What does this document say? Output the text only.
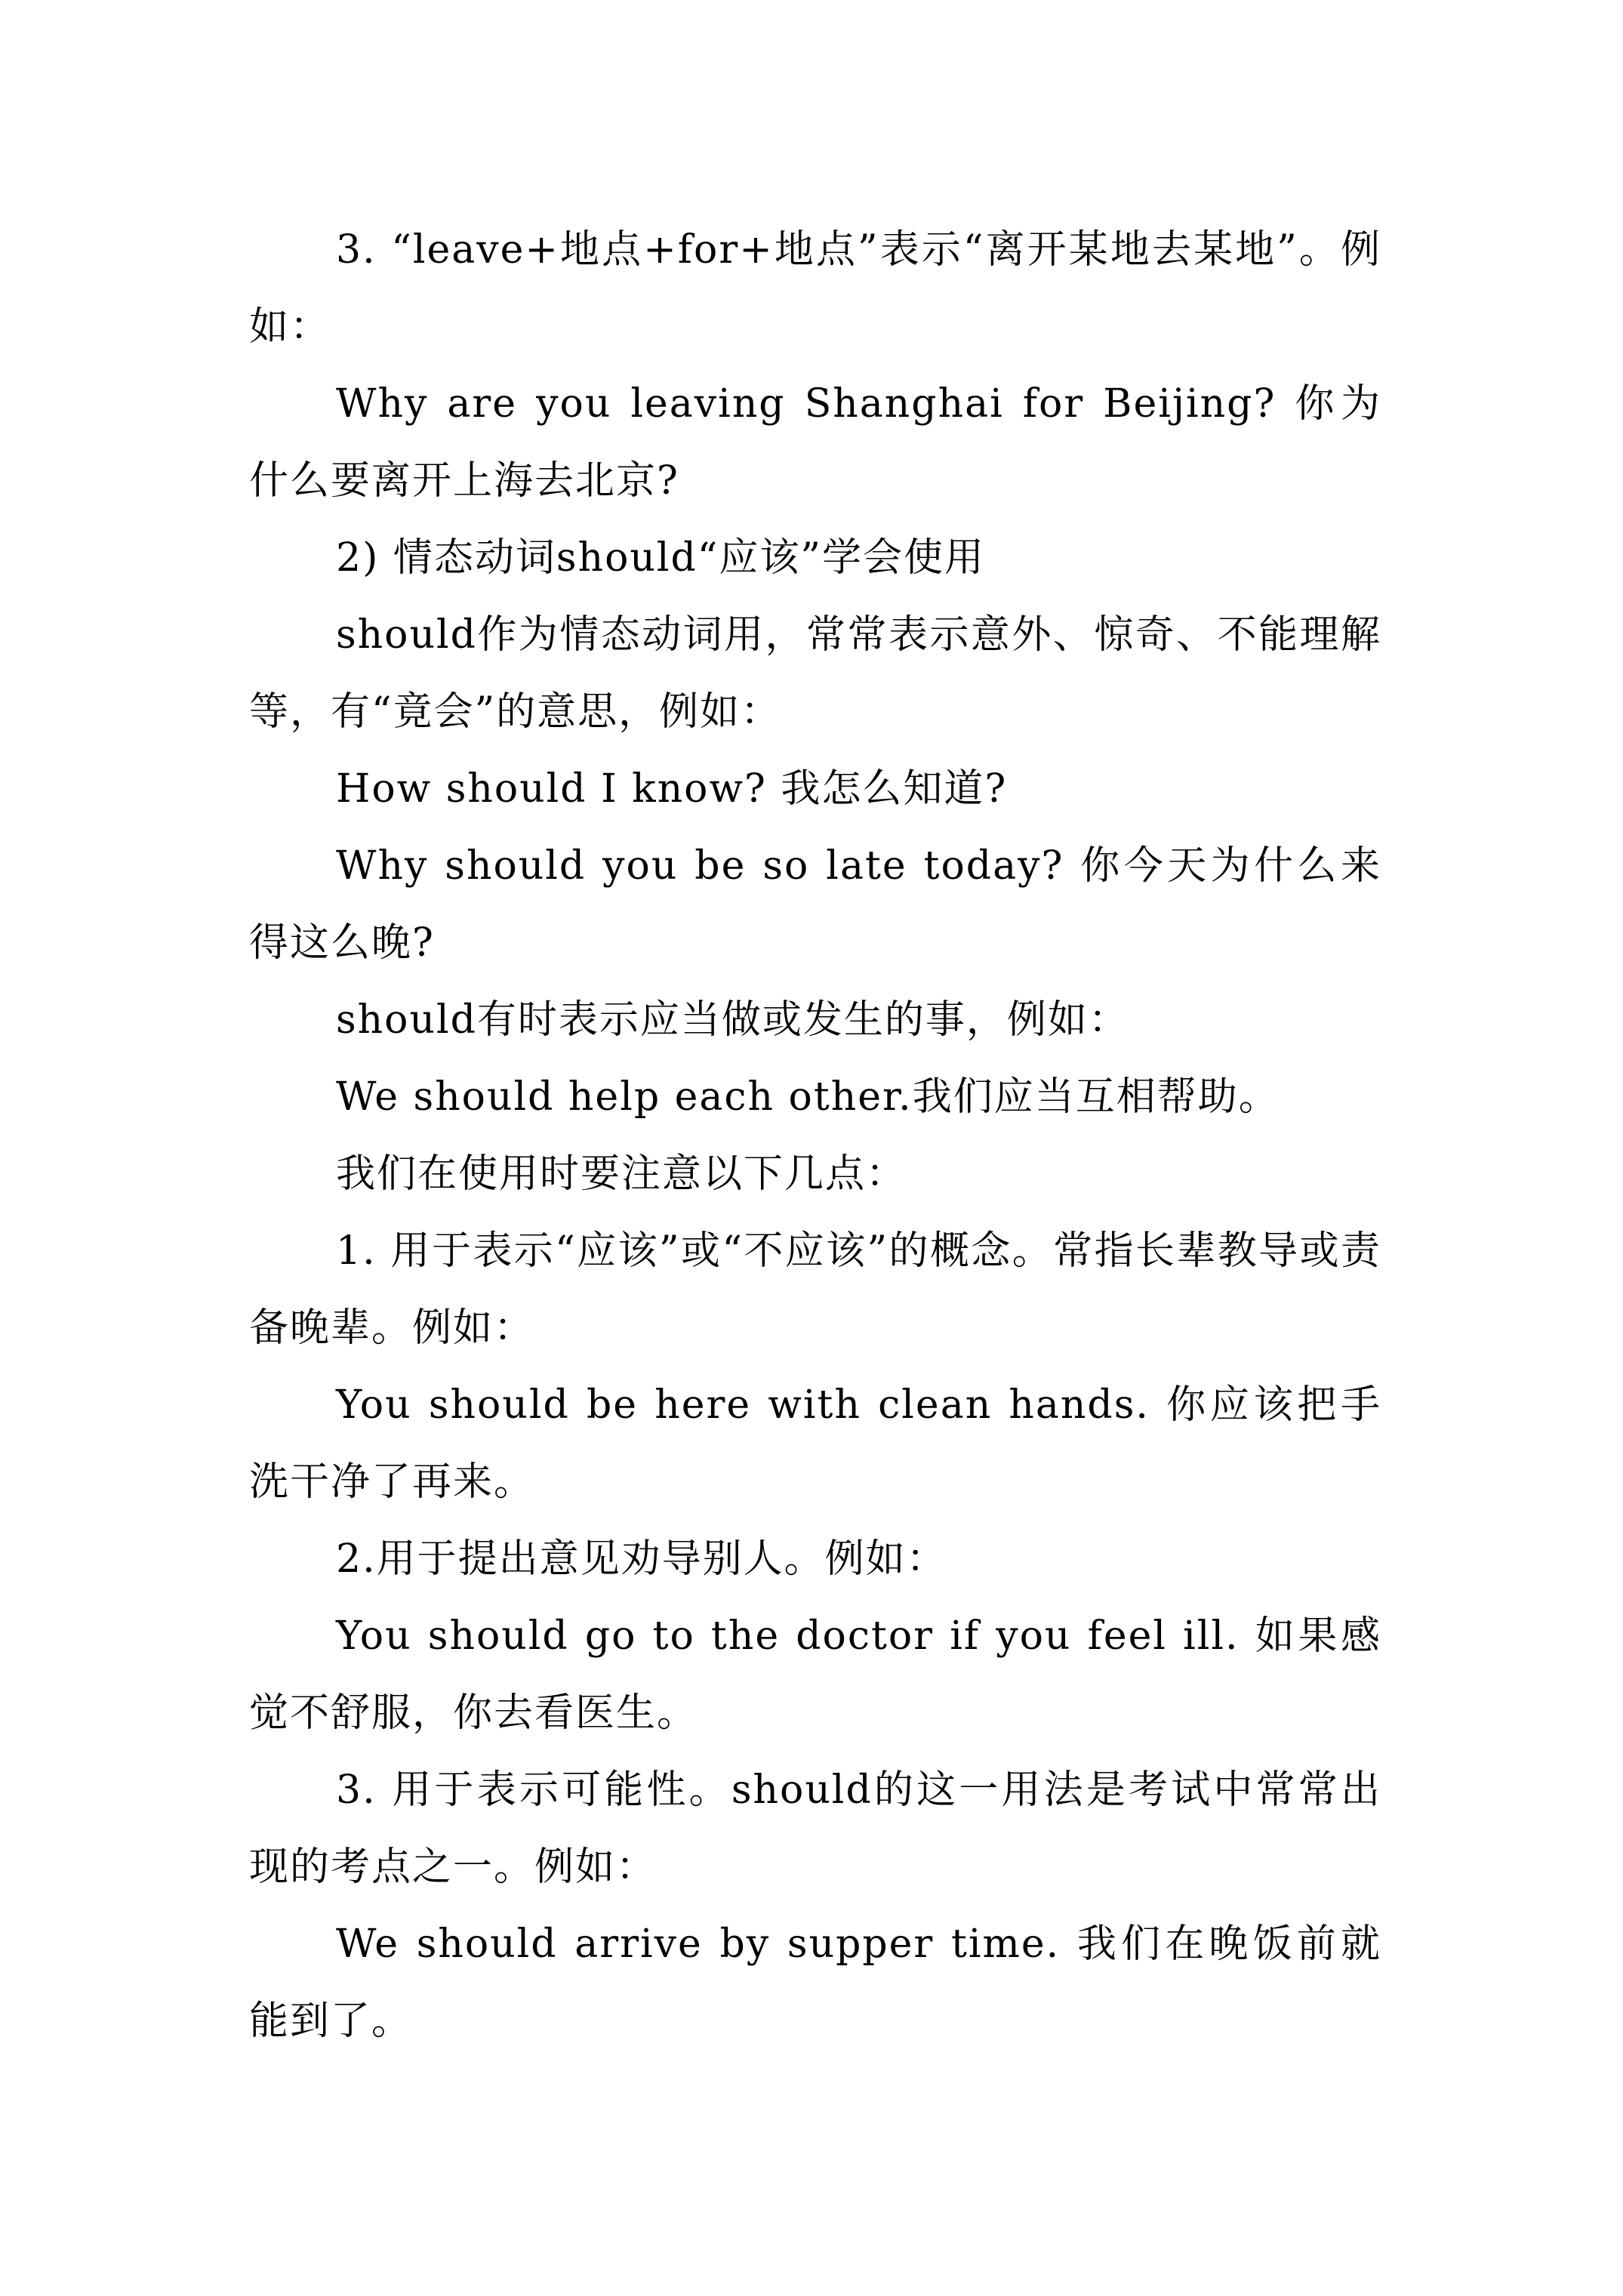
3. “leave+地点+for+地点”表示“离开某地去某地”。例如：

Why are you leaving Shanghai for Beijing? 你为什么要离开上海去北京?

2) 情态动词should“应该”学会使用

should作为情态动词用，常常表示意外、惊奇、不能理解等，有“竟会”的意思，例如：

How should I know? 我怎么知道?

Why should you be so late today? 你今天为什么来得这么晚?

should有时表示应当做或发生的事，例如：

We should help each other.我们应当互相帮助。

我们在使用时要注意以下几点：

1. 用于表示“应该”或“不应该”的概念。常指长辈教导或责备晚辈。例如：

You should be here with clean hands. 你应该把手洗干净了再来。

2.用于提出意见劝导别人。例如：

You should go to the doctor if you feel ill. 如果感觉不舒服，你去看医生。

3. 用于表示可能性。should的这一用法是考试中常常出现的考点之一。例如：

We should arrive by supper time. 我们在晚饭前就能到了。
